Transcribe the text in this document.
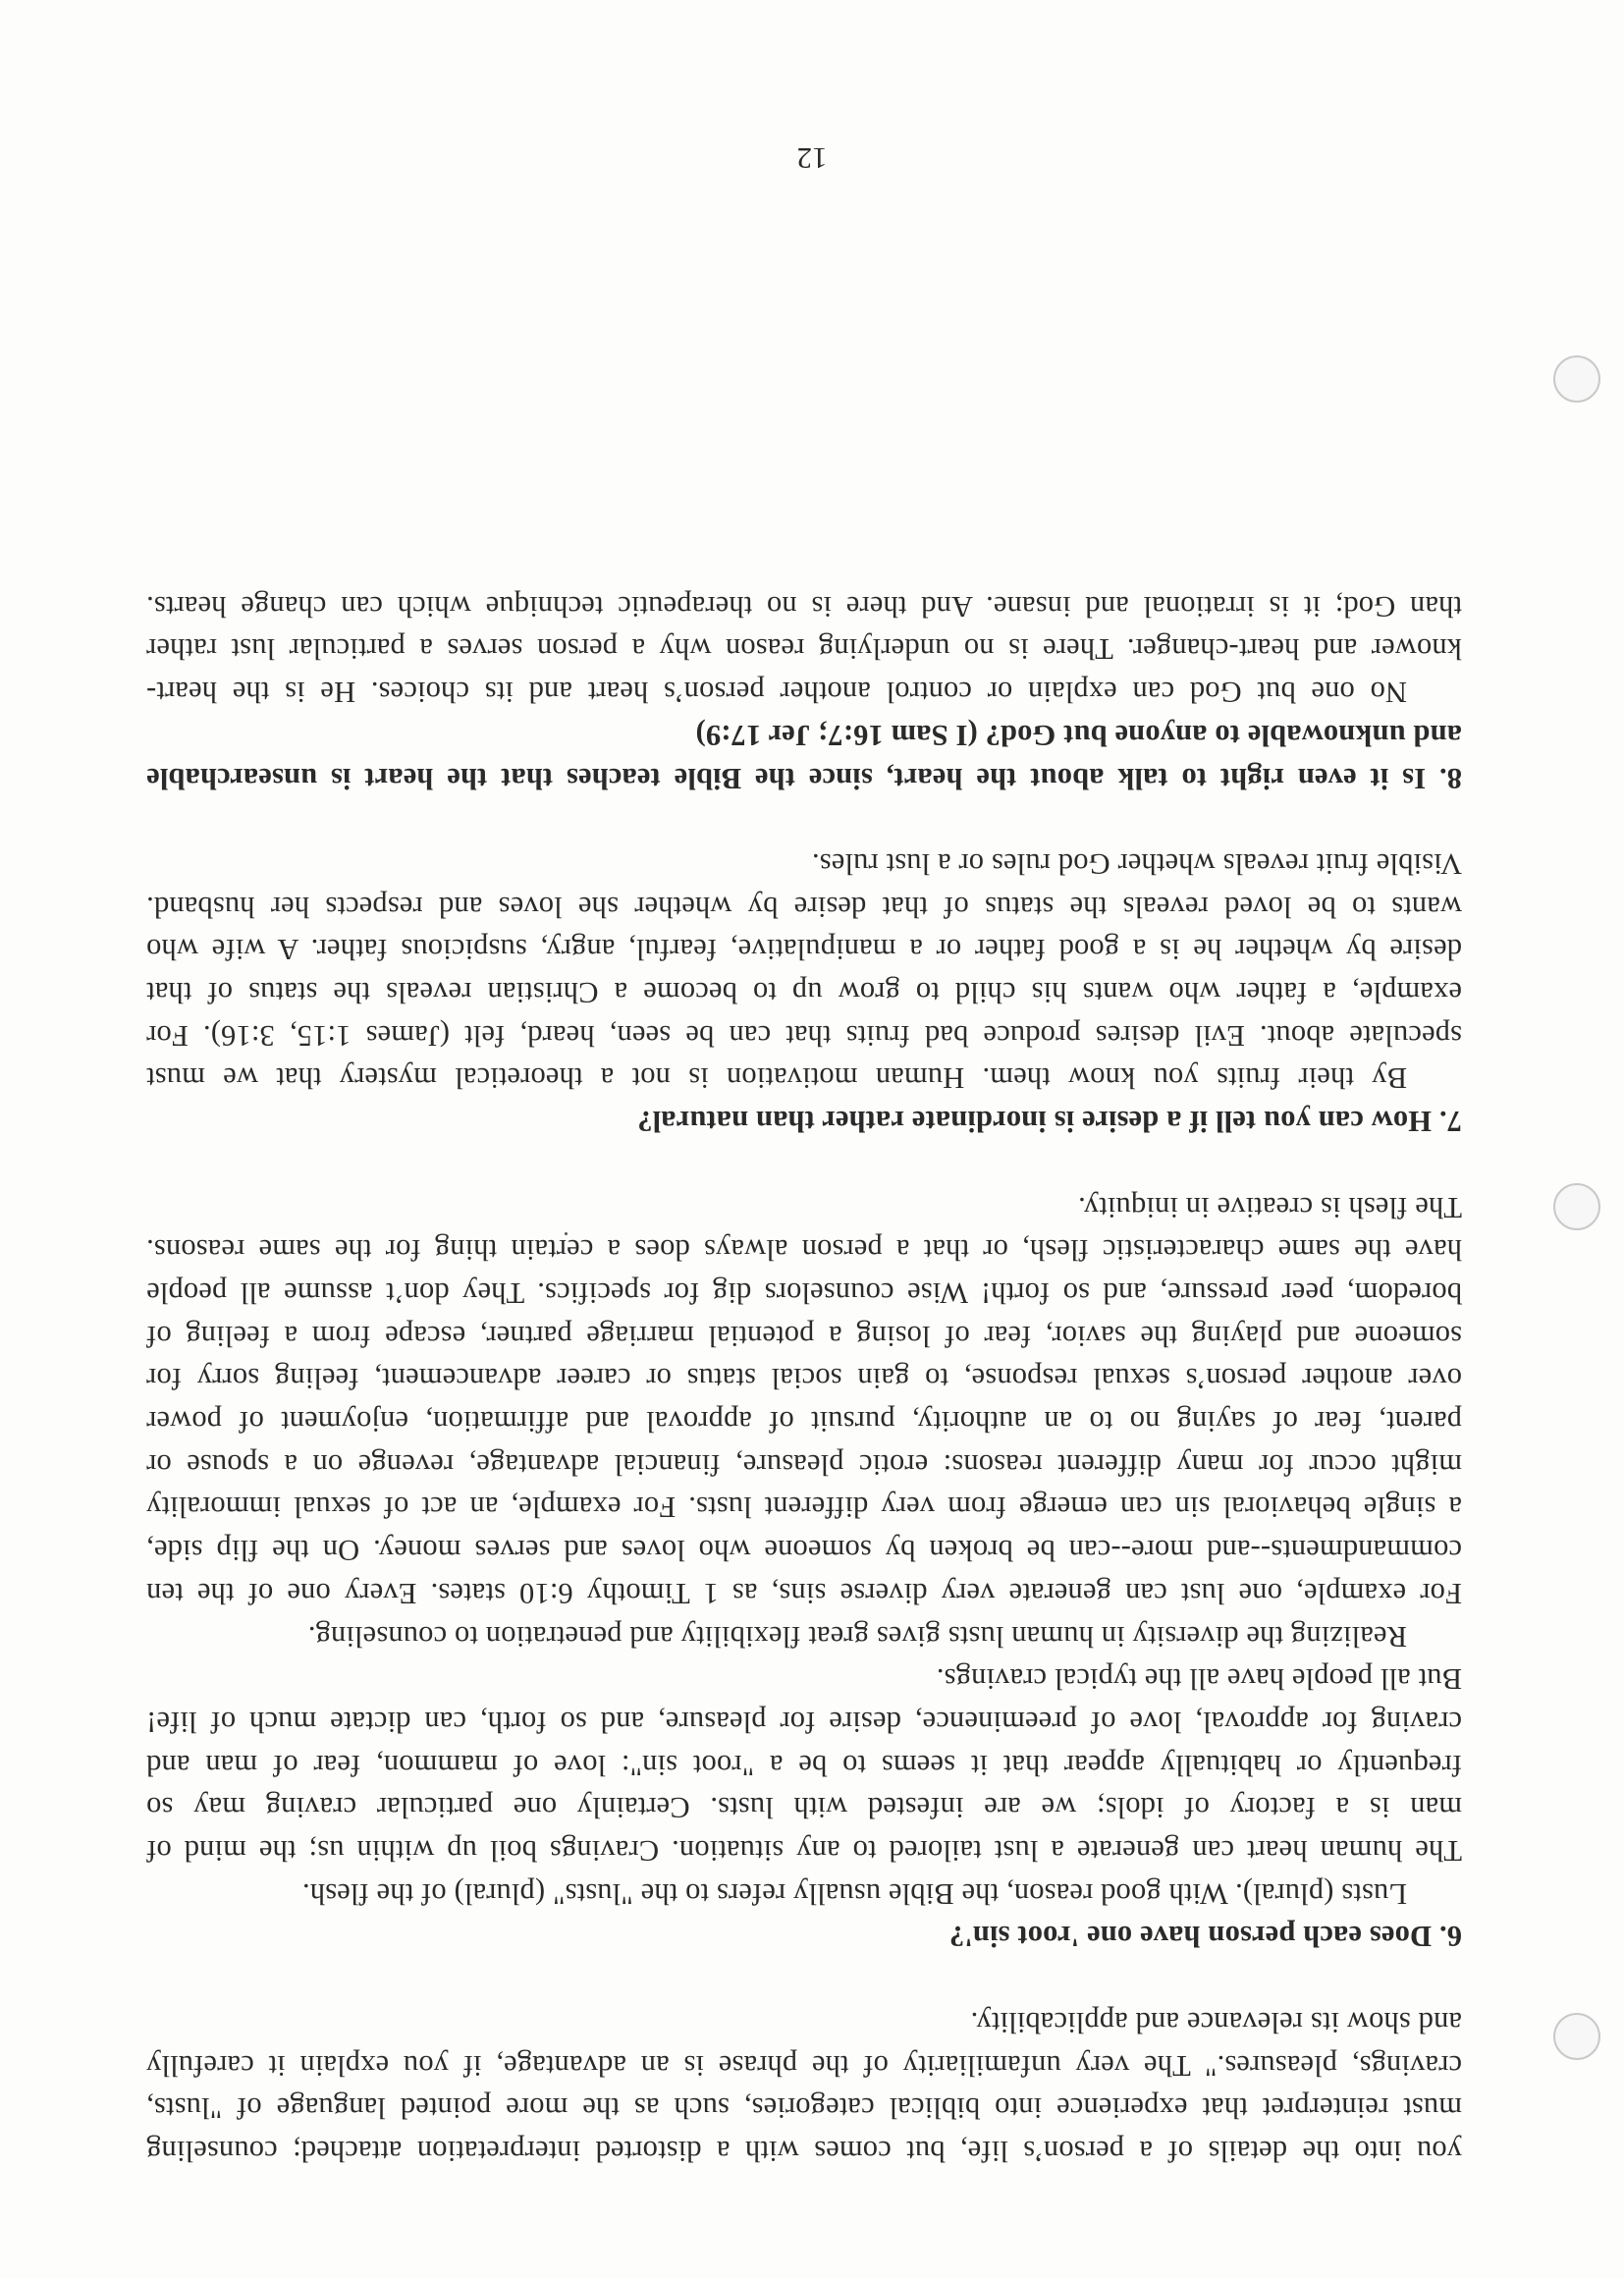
you into the details of a person’s life, but comes with a distorted interpretation attached; counseling
must reinterpret that experience into biblical categories, such as the more pointed language of "lusts,
cravings, pleasures." The very unfamiliarity of the phrase is an advantage, if you explain it carefully
and show its relevance and applicability.
6. Does each person have one 'root sin'?
Lusts (plural). With good reason, the Bible usually refers to the "lusts" (plural) of the flesh.
The human heart can generate a lust tailored to any situation. Cravings boil up within us; the mind of
man is a factory of idols; we are infested with lusts. Certainly one particular craving may so
frequently or habitually appear that it seems to be a "root sin": love of mammon, fear of man and
craving for approval, love of preeminence, desire for pleasure, and so forth, can dictate much of life!
But all people have all the typical cravings.
Realizing the diversity in human lusts gives great flexibility and penetration to counseling.
For example, one lust can generate very diverse sins, as 1 Timothy 6:10 states. Every one of the ten
commandments--and more--can be broken by someone who loves and serves money. On the flip side,
a single behavioral sin can emerge from very different lusts. For example, an act of sexual immorality
might occur for many different reasons: erotic pleasure, financial advantage, revenge on a spouse or
parent, fear of saying no to an authority, pursuit of approval and affirmation, enjoyment of power
over another person’s sexual response, to gain social status or career advancement, feeling sorry for
someone and playing the savior, fear of losing a potential marriage partner, escape from a feeling of
boredom, peer pressure, and so forth! Wise counselors dig for specifics. They don’t assume all people
have the same characteristic flesh, or that a person always does a certain thing for the same reasons.
The flesh is creative in iniquity.
7. How can you tell if a desire is inordinate rather than natural?
By their fruits you know them. Human motivation is not a theoretical mystery that we must
speculate about. Evil desires produce bad fruits that can be seen, heard, felt (James 1:15, 3:16). For
example, a father who wants his child to grow up to become a Christian reveals the status of that
desire by whether he is a good father or a manipulative, fearful, angry, suspicious father. A wife who
wants to be loved reveals the status of that desire by whether she loves and respects her husband.
Visible fruit reveals whether God rules or a lust rules.
8. Is it even right to talk about the heart, since the Bible teaches that the heart is unsearchable
and unknowable to anyone but God? (I Sam 16:7; Jer 17:9)
No one but God can explain or control another person’s heart and its choices. He is the heart-
knower and heart-changer. There is no underlying reason why a person serves a particular lust rather
than God; it is irrational and insane. And there is no therapeutic technique which can change hearts.
12
